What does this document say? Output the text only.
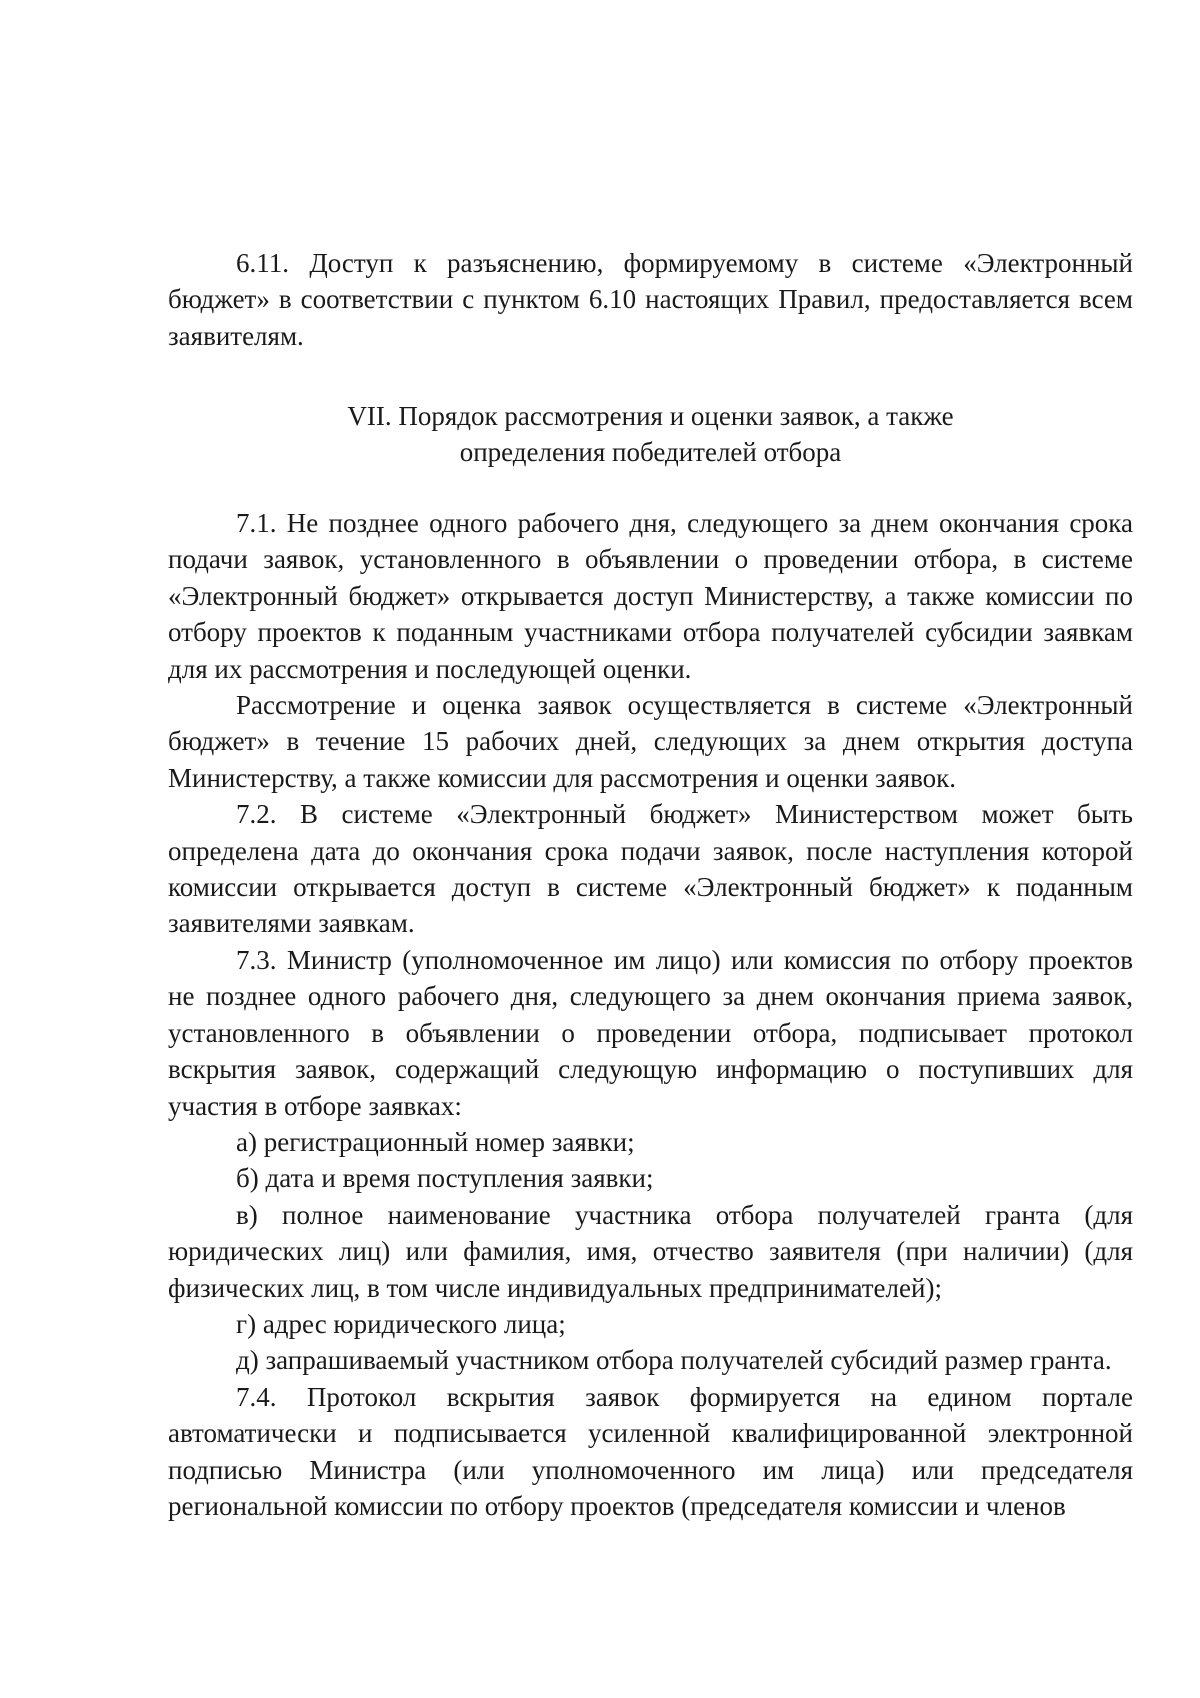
6.11. Доступ к разъяснению, формируемому в системе «Электронный бюджет» в соответствии с пунктом 6.10 настоящих Правил, предоставляется всем заявителям.

VII. Порядок рассмотрения и оценки заявок, а также
определения победителей отбора

7.1. Не позднее одного рабочего дня, следующего за днем окончания срока подачи заявок, установленного в объявлении о проведении отбора, в системе «Электронный бюджет» открывается доступ Министерству, а также комиссии по отбору проектов к поданным участниками отбора получателей субсидии заявкам для их рассмотрения и последующей оценки.

Рассмотрение и оценка заявок осуществляется в системе «Электронный бюджет» в течение 15 рабочих дней, следующих за днем открытия доступа Министерству, а также комиссии для рассмотрения и оценки заявок.

7.2. В системе «Электронный бюджет» Министерством может быть определена дата до окончания срока подачи заявок, после наступления которой комиссии открывается доступ в системе «Электронный бюджет» к поданным заявителями заявкам.

7.3. Министр (уполномоченное им лицо) или комиссия по отбору проектов не позднее одного рабочего дня, следующего за днем окончания приема заявок, установленного в объявлении о проведении отбора, подписывает протокол вскрытия заявок, содержащий следующую информацию о поступивших для участия в отборе заявках:

а) регистрационный номер заявки;

б) дата и время поступления заявки;

в) полное наименование участника отбора получателей гранта (для юридических лиц) или фамилия, имя, отчество заявителя (при наличии) (для физических лиц, в том числе индивидуальных предпринимателей);

г) адрес юридического лица;

д) запрашиваемый участником отбора получателей субсидий размер гранта.

7.4. Протокол вскрытия заявок формируется на едином портале автоматически и подписывается усиленной квалифицированной электронной подписью Министра (или уполномоченного им лица) или председателя региональной комиссии по отбору проектов (председателя комиссии и членов
